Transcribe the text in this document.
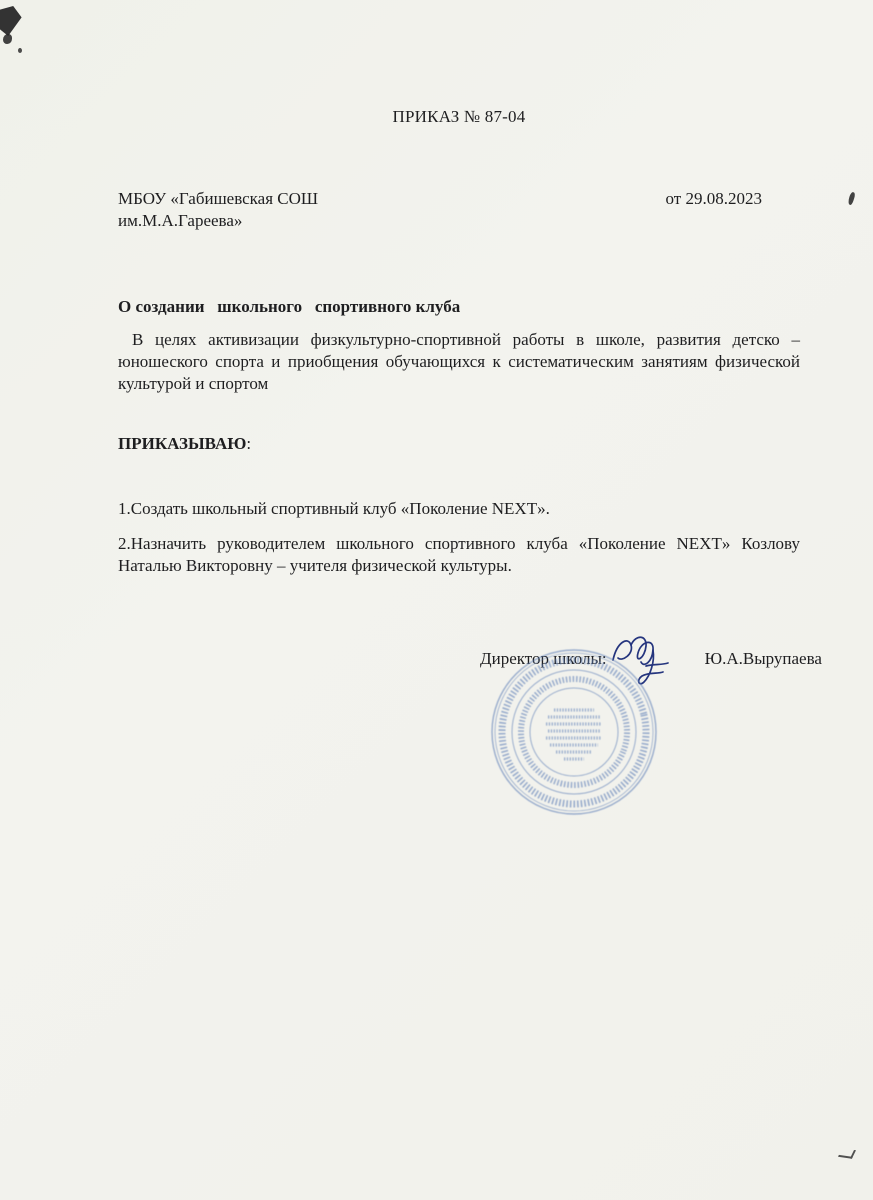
ПРИКАЗ № 87-04
МБОУ «Габишевская СОШ
им.М.А.Гареева»
от 29.08.2023
О создании   школьного   спортивного клуба

В целях активизации физкультурно-спортивной работы в школе, развития детско – юношеского спорта и приобщения обучающихся к систематическим занятиям физической культурой и спортом

ПРИКАЗЫВАЮ:

1.Создать школьный спортивный клуб «Поколение NEXT».

2.Назначить руководителем школьного спортивного клуба «Поколение NEXT» Козлову Наталью Викторовну – учителя физической культуры.

Директор школы:	Ю.А.Вырупаева
